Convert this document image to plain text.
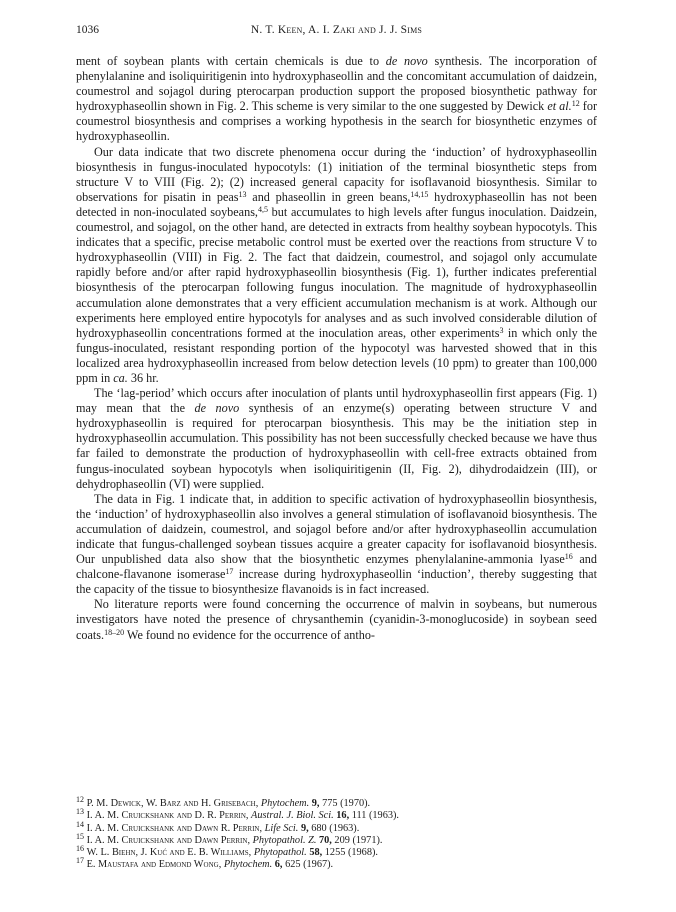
1036	N. T. Keen, A. I. Zaki and J. J. Sims

ment of soybean plants with certain chemicals is due to de novo synthesis. The incorporation of phenylalanine and isoliquiritigenin into hydroxyphaseollin and the concomitant accumulation of daidzein, coumestrol and sojagol during pterocarpan production support the proposed biosynthetic pathway for hydroxyphaseollin shown in Fig. 2. This scheme is very similar to the one suggested by Dewick et al.$^{12}$ for coumestrol biosynthesis and comprises a working hypothesis in the search for biosynthetic enzymes of hydroxyphaseollin.

Our data indicate that two discrete phenomena occur during the ‘induction’ of hydroxyphaseollin biosynthesis in fungus-inoculated hypocotyls: (1) initiation of the terminal biosynthetic steps from structure V to VIII (Fig. 2); (2) increased general capacity for isoflavanoid biosynthesis. Similar to observations for pisatin in peas$^{13}$ and phaseollin in green beans,$^{14,15}$ hydroxyphaseollin has not been detected in non-inoculated soybeans,$^{4,5}$ but accumulates to high levels after fungus inoculation. Daidzein, coumestrol, and sojagol, on the other hand, are detected in extracts from healthy soybean hypocotyls. This indicates that a specific, precise metabolic control must be exerted over the reactions from structure V to hydroxyphaseollin (VIII) in Fig. 2. The fact that daidzein, coumestrol, and sojagol only accumulate rapidly before and/or after rapid hydroxyphaseollin biosynthesis (Fig. 1), further indicates preferential biosynthesis of the pterocarpan following fungus inoculation. The magnitude of hydroxyphaseollin accumulation alone demonstrates that a very efficient accumulation mechanism is at work. Although our experiments here employed entire hypocotyls for analyses and as such involved considerable dilution of hydroxyphaseollin concentrations formed at the inoculation areas, other experiments$^3$ in which only the fungus-inoculated, resistant responding portion of the hypocotyl was harvested showed that in this localized area hydroxyphaseollin increased from below detection levels (10 ppm) to greater than 100,000 ppm in ca. 36 hr.

The ‘lag-period’ which occurs after inoculation of plants until hydroxyphaseollin first appears (Fig. 1) may mean that the de novo synthesis of an enzyme(s) operating between structure V and hydroxyphaseollin is required for pterocarpan biosynthesis. This may be the initiation step in hydroxyphaseollin accumulation. This possibility has not been successfully checked because we have thus far failed to demonstrate the production of hydroxyphaseollin with cell-free extracts obtained from fungus-inoculated soybean hypocotyls when isoliquiritigenin (II, Fig. 2), dihydrodaidzein (III), or dehydrophaseollin (VI) were supplied.

The data in Fig. 1 indicate that, in addition to specific activation of hydroxyphaseollin biosynthesis, the ‘induction’ of hydroxyphaseollin also involves a general stimulation of isoflavanoid biosynthesis. The accumulation of daidzein, coumestrol, and sojagol before and/or after hydroxyphaseollin accumulation indicate that fungus-challenged soybean tissues acquire a greater capacity for isoflavanoid biosynthesis. Our unpublished data also show that the biosynthetic enzymes phenylalanine-ammonia lyase$^{16}$ and chalcone-flavanone isomerase$^{17}$ increase during hydroxyphaseollin ‘induction’, thereby suggesting that the capacity of the tissue to biosynthesize flavanoids is in fact increased.

No literature reports were found concerning the occurrence of malvin in soybeans, but numerous investigators have noted the presence of chrysanthemin (cyanidin-3-monoglucoside) in soybean seed coats.$^{18-20}$ We found no evidence for the occurrence of antho-

$^{12}$ P. M. Dewick, W. Barz and H. Grisebach, Phytochem. 9, 775 (1970).
$^{13}$ I. A. M. Cruickshank and D. R. Perrin, Austral. J. Biol. Sci. 16, 111 (1963).
$^{14}$ I. A. M. Cruickshank and Dawn R. Perrin, Life Sci. 9, 680 (1963).
$^{15}$ I. A. M. Cruickshank and Dawn Perrin, Phytopathol. Z. 70, 209 (1971).
$^{16}$ W. L. Biehn, J. Kuć and E. B. Williams, Phytopathol. 58, 1255 (1968).
$^{17}$ E. Maustafa and Edmond Wong, Phytochem. 6, 625 (1967).
